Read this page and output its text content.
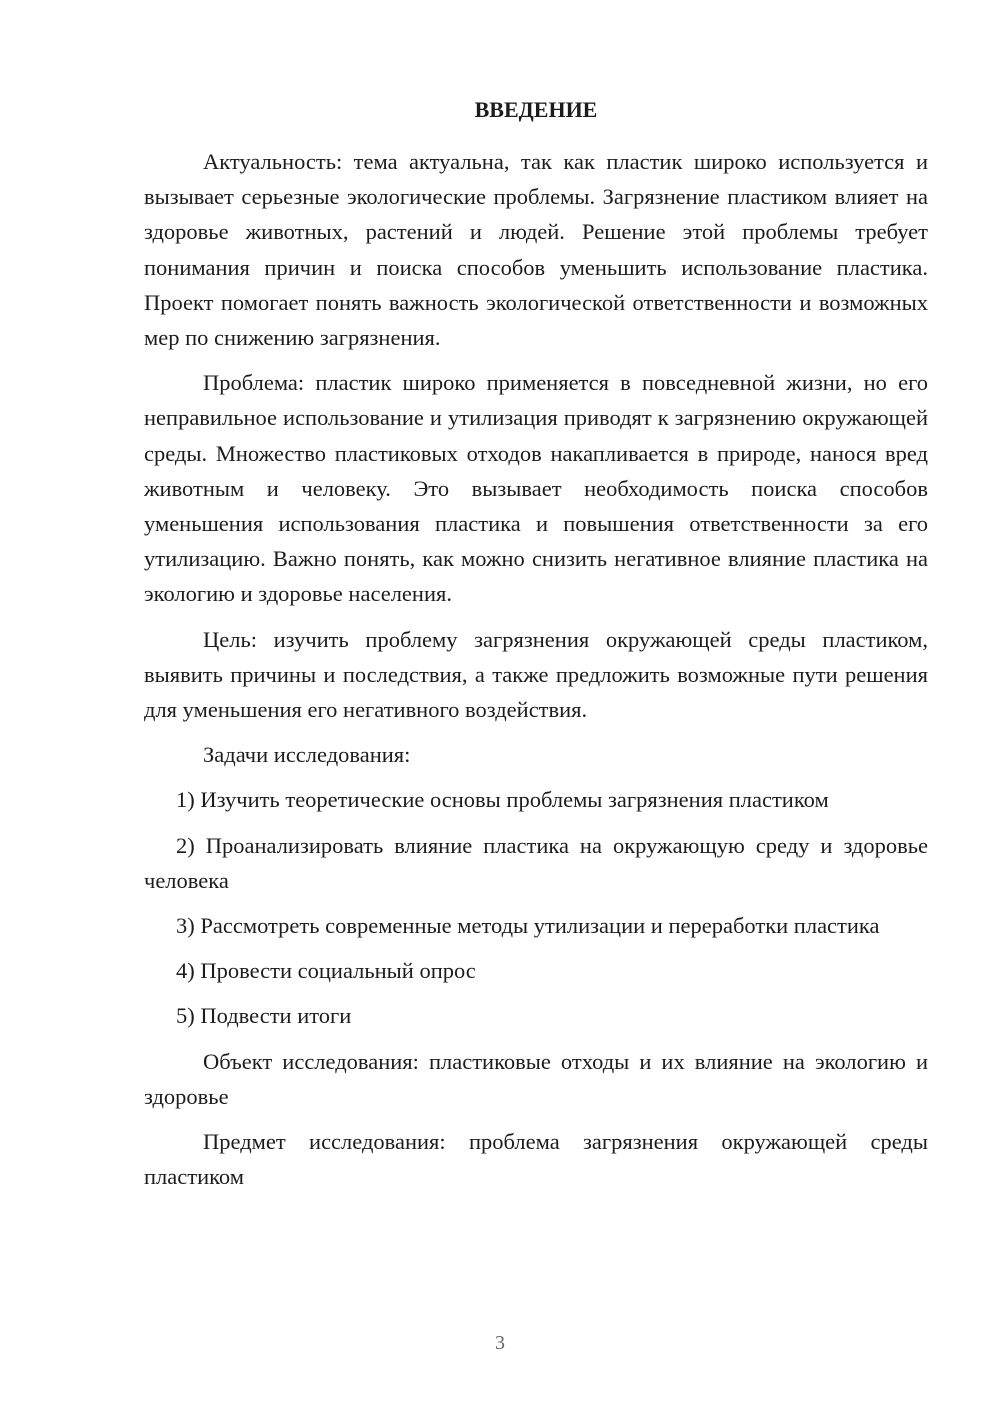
ВВЕДЕНИЕ

Актуальность: тема актуальна, так как пластик широко используется и вызывает серьезные экологические проблемы. Загрязнение пластиком влияет на здоровье животных, растений и людей. Решение этой проблемы требует понимания причин и поиска способов уменьшить использование пластика. Проект помогает понять важность экологической ответственности и возможных мер по снижению загрязнения.

Проблема: пластик широко применяется в повседневной жизни, но его неправильное использование и утилизация приводят к загрязнению окружающей среды. Множество пластиковых отходов накапливается в природе, нанося вред животным и человеку. Это вызывает необходимость поиска способов уменьшения использования пластика и повышения ответственности за его утилизацию. Важно понять, как можно снизить негативное влияние пластика на экологию и здоровье населения.

Цель: изучить проблему загрязнения окружающей среды пластиком, выявить причины и последствия, а также предложить возможные пути решения для уменьшения его негативного воздействия.

Задачи исследования:

1) Изучить теоретические основы проблемы загрязнения пластиком

2) Проанализировать влияние пластика на окружающую среду и здоровье человека

3) Рассмотреть современные методы утилизации и переработки пластика

4) Провести социальный опрос

5) Подвести итоги

Объект исследования: пластиковые отходы и их влияние на экологию и здоровье

Предмет исследования: проблема загрязнения окружающей среды пластиком

3
